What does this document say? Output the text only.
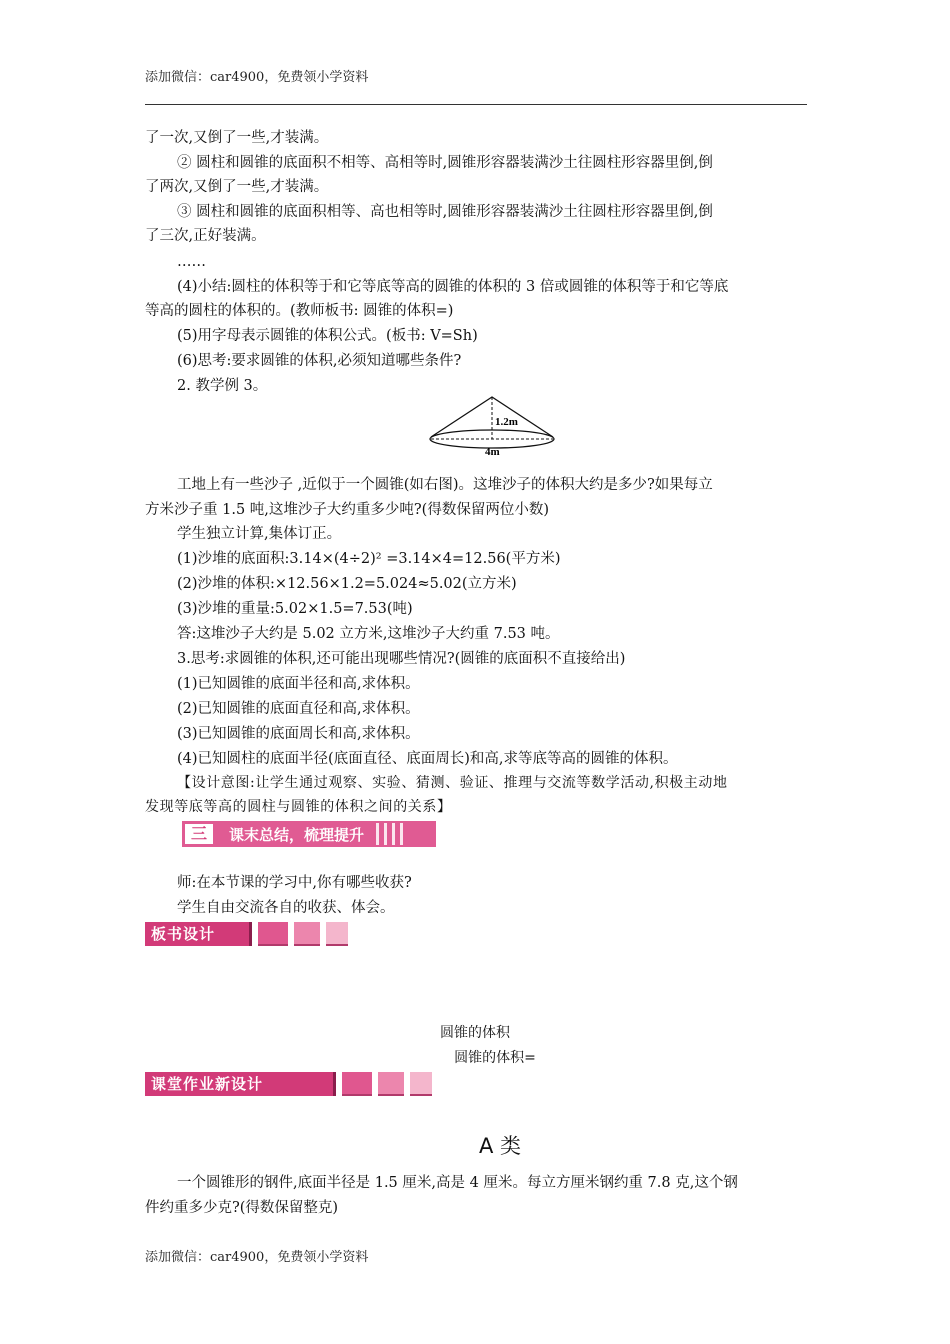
添加微信：car4900，免费领小学资料
了一次,又倒了一些,才装满。
② 圆柱和圆锥的底面积不相等、高相等时,圆锥形容器装满沙土往圆柱形容器里倒,倒
了两次,又倒了一些,才装满。
③ 圆柱和圆锥的底面积相等、高也相等时,圆锥形容器装满沙土往圆柱形容器里倒,倒
了三次,正好装满。
……
(4)小结:圆柱的体积等于和它等底等高的圆锥的体积的 3 倍或圆锥的体积等于和它等底
等高的圆柱的体积的。(教师板书: 圆锥的体积=)
(5)用字母表示圆锥的体积公式。(板书: V=Sh)
(6)思考:要求圆锥的体积,必须知道哪些条件?
2. 教学例 3。
1.2m
4m
工地上有一些沙子 ,近似于一个圆锥(如右图)。这堆沙子的体积大约是多少?如果每立
方米沙子重 1.5 吨,这堆沙子大约重多少吨?(得数保留两位小数)
学生独立计算,集体订正。
(1)沙堆的底面积:3.14×(4÷2)² =3.14×4=12.56(平方米)
(2)沙堆的体积:×12.56×1.2=5.024≈5.02(立方米)
(3)沙堆的重量:5.02×1.5=7.53(吨)
答:这堆沙子大约是 5.02 立方米,这堆沙子大约重 7.53 吨。
3.思考:求圆锥的体积,还可能出现哪些情况?(圆锥的底面积不直接给出)
(1)已知圆锥的底面半径和高,求体积。
(2)已知圆锥的底面直径和高,求体积。
(3)已知圆锥的底面周长和高,求体积。
(4)已知圆柱的底面半径(底面直径、底面周长)和高,求等底等高的圆锥的体积。
【设计意图:让学生通过观察、实验、猜测、验证、推理与交流等数学活动,积极主动地
发现等底等高的圆柱与圆锥的体积之间的关系】
三	课末总结，梳理提升
师:在本节课的学习中,你有哪些收获?
学生自由交流各自的收获、体会。
板书设计
圆锥的体积
圆锥的体积=
课堂作业新设计
A 类
一个圆锥形的钢件,底面半径是 1.5 厘米,高是 4 厘米。每立方厘米钢约重 7.8 克,这个钢
件约重多少克?(得数保留整克)
添加微信：car4900，免费领小学资料
